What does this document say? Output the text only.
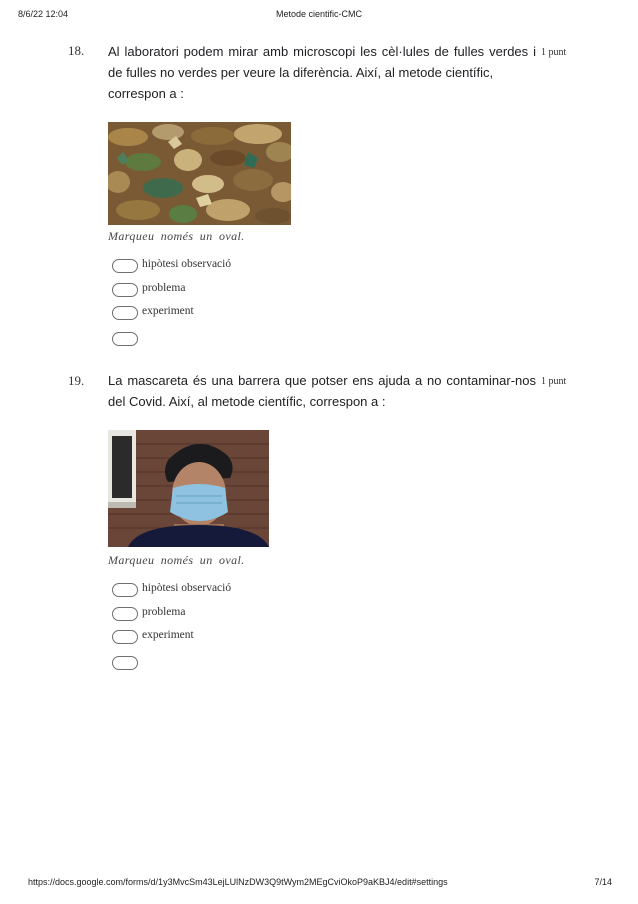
8/6/22 12:04	Metode cientific-CMC
18.	1 punt
Al laboratori podem mirar amb microscopi les cèl·lules de fulles verdes i
de fulles no verdes per veure la diferència. Així, al metode científic,
correspon a :
Marqueu només un oval.
hipòtesi observació
problema
experiment
19.	1 punt
La mascareta és una barrera que potser ens ajuda a no contaminar-nos
del Covid. Així, al metode científic, correspon a :
Marqueu només un oval.
hipòtesi observació
problema
experiment
https://docs.google.com/forms/d/1y3MvcSm43LejLUlNzDW3Q9tWym2MEgCviOkoP9aKBJ4/edit#settings	7/14
